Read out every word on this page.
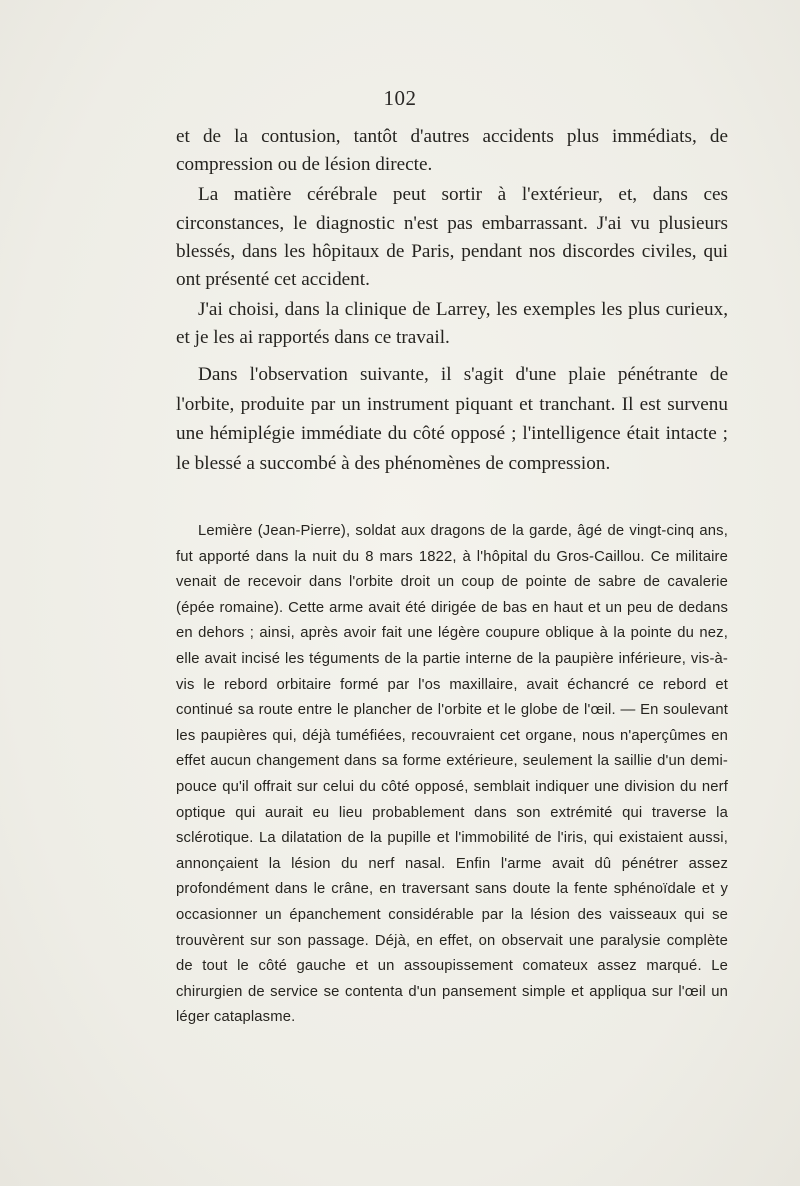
102

et de la contusion, tantôt d'autres accidents plus immédiats, de compression ou de lésion directe.

La matière cérébrale peut sortir à l'extérieur, et, dans ces circonstances, le diagnostic n'est pas embarrassant. J'ai vu plusieurs blessés, dans les hôpitaux de Paris, pendant nos discordes civiles, qui ont présenté cet accident.

J'ai choisi, dans la clinique de Larrey, les exemples les plus curieux, et je les ai rapportés dans ce travail.

Dans l'observation suivante, il s'agit d'une plaie pénétrante de l'orbite, produite par un instrument piquant et tranchant. Il est survenu une hémiplégie immédiate du côté opposé ; l'intelligence était intacte ; le blessé a succombé à des phénomènes de compression.

Lemière (Jean-Pierre), soldat aux dragons de la garde, âgé de vingt-cinq ans, fut apporté dans la nuit du 8 mars 1822, à l'hôpital du Gros-Caillou. Ce militaire venait de recevoir dans l'orbite droit un coup de pointe de sabre de cavalerie (épée romaine). Cette arme avait été dirigée de bas en haut et un peu de dedans en dehors ; ainsi, après avoir fait une légère coupure oblique à la pointe du nez, elle avait incisé les téguments de la partie interne de la paupière inférieure, vis-à-vis le rebord orbitaire formé par l'os maxillaire, avait échancré ce rebord et continué sa route entre le plancher de l'orbite et le globe de l'œil. — En soulevant les paupières qui, déjà tuméfiées, recouvraient cet organe, nous n'aperçûmes en effet aucun changement dans sa forme extérieure, seulement la saillie d'un demi-pouce qu'il offrait sur celui du côté opposé, semblait indiquer une division du nerf optique qui aurait eu lieu probablement dans son extrémité qui traverse la sclérotique. La dilatation de la pupille et l'immobilité de l'iris, qui existaient aussi, annonçaient la lésion du nerf nasal. Enfin l'arme avait dû pénétrer assez profondément dans le crâne, en traversant sans doute la fente sphénoïdale et y occasionner un épanchement considérable par la lésion des vaisseaux qui se trouvèrent sur son passage. Déjà, en effet, on observait une paralysie complète de tout le côté gauche et un assoupissement comateux assez marqué. Le chirurgien de service se contenta d'un pansement simple et appliqua sur l'œil un léger cataplasme.
